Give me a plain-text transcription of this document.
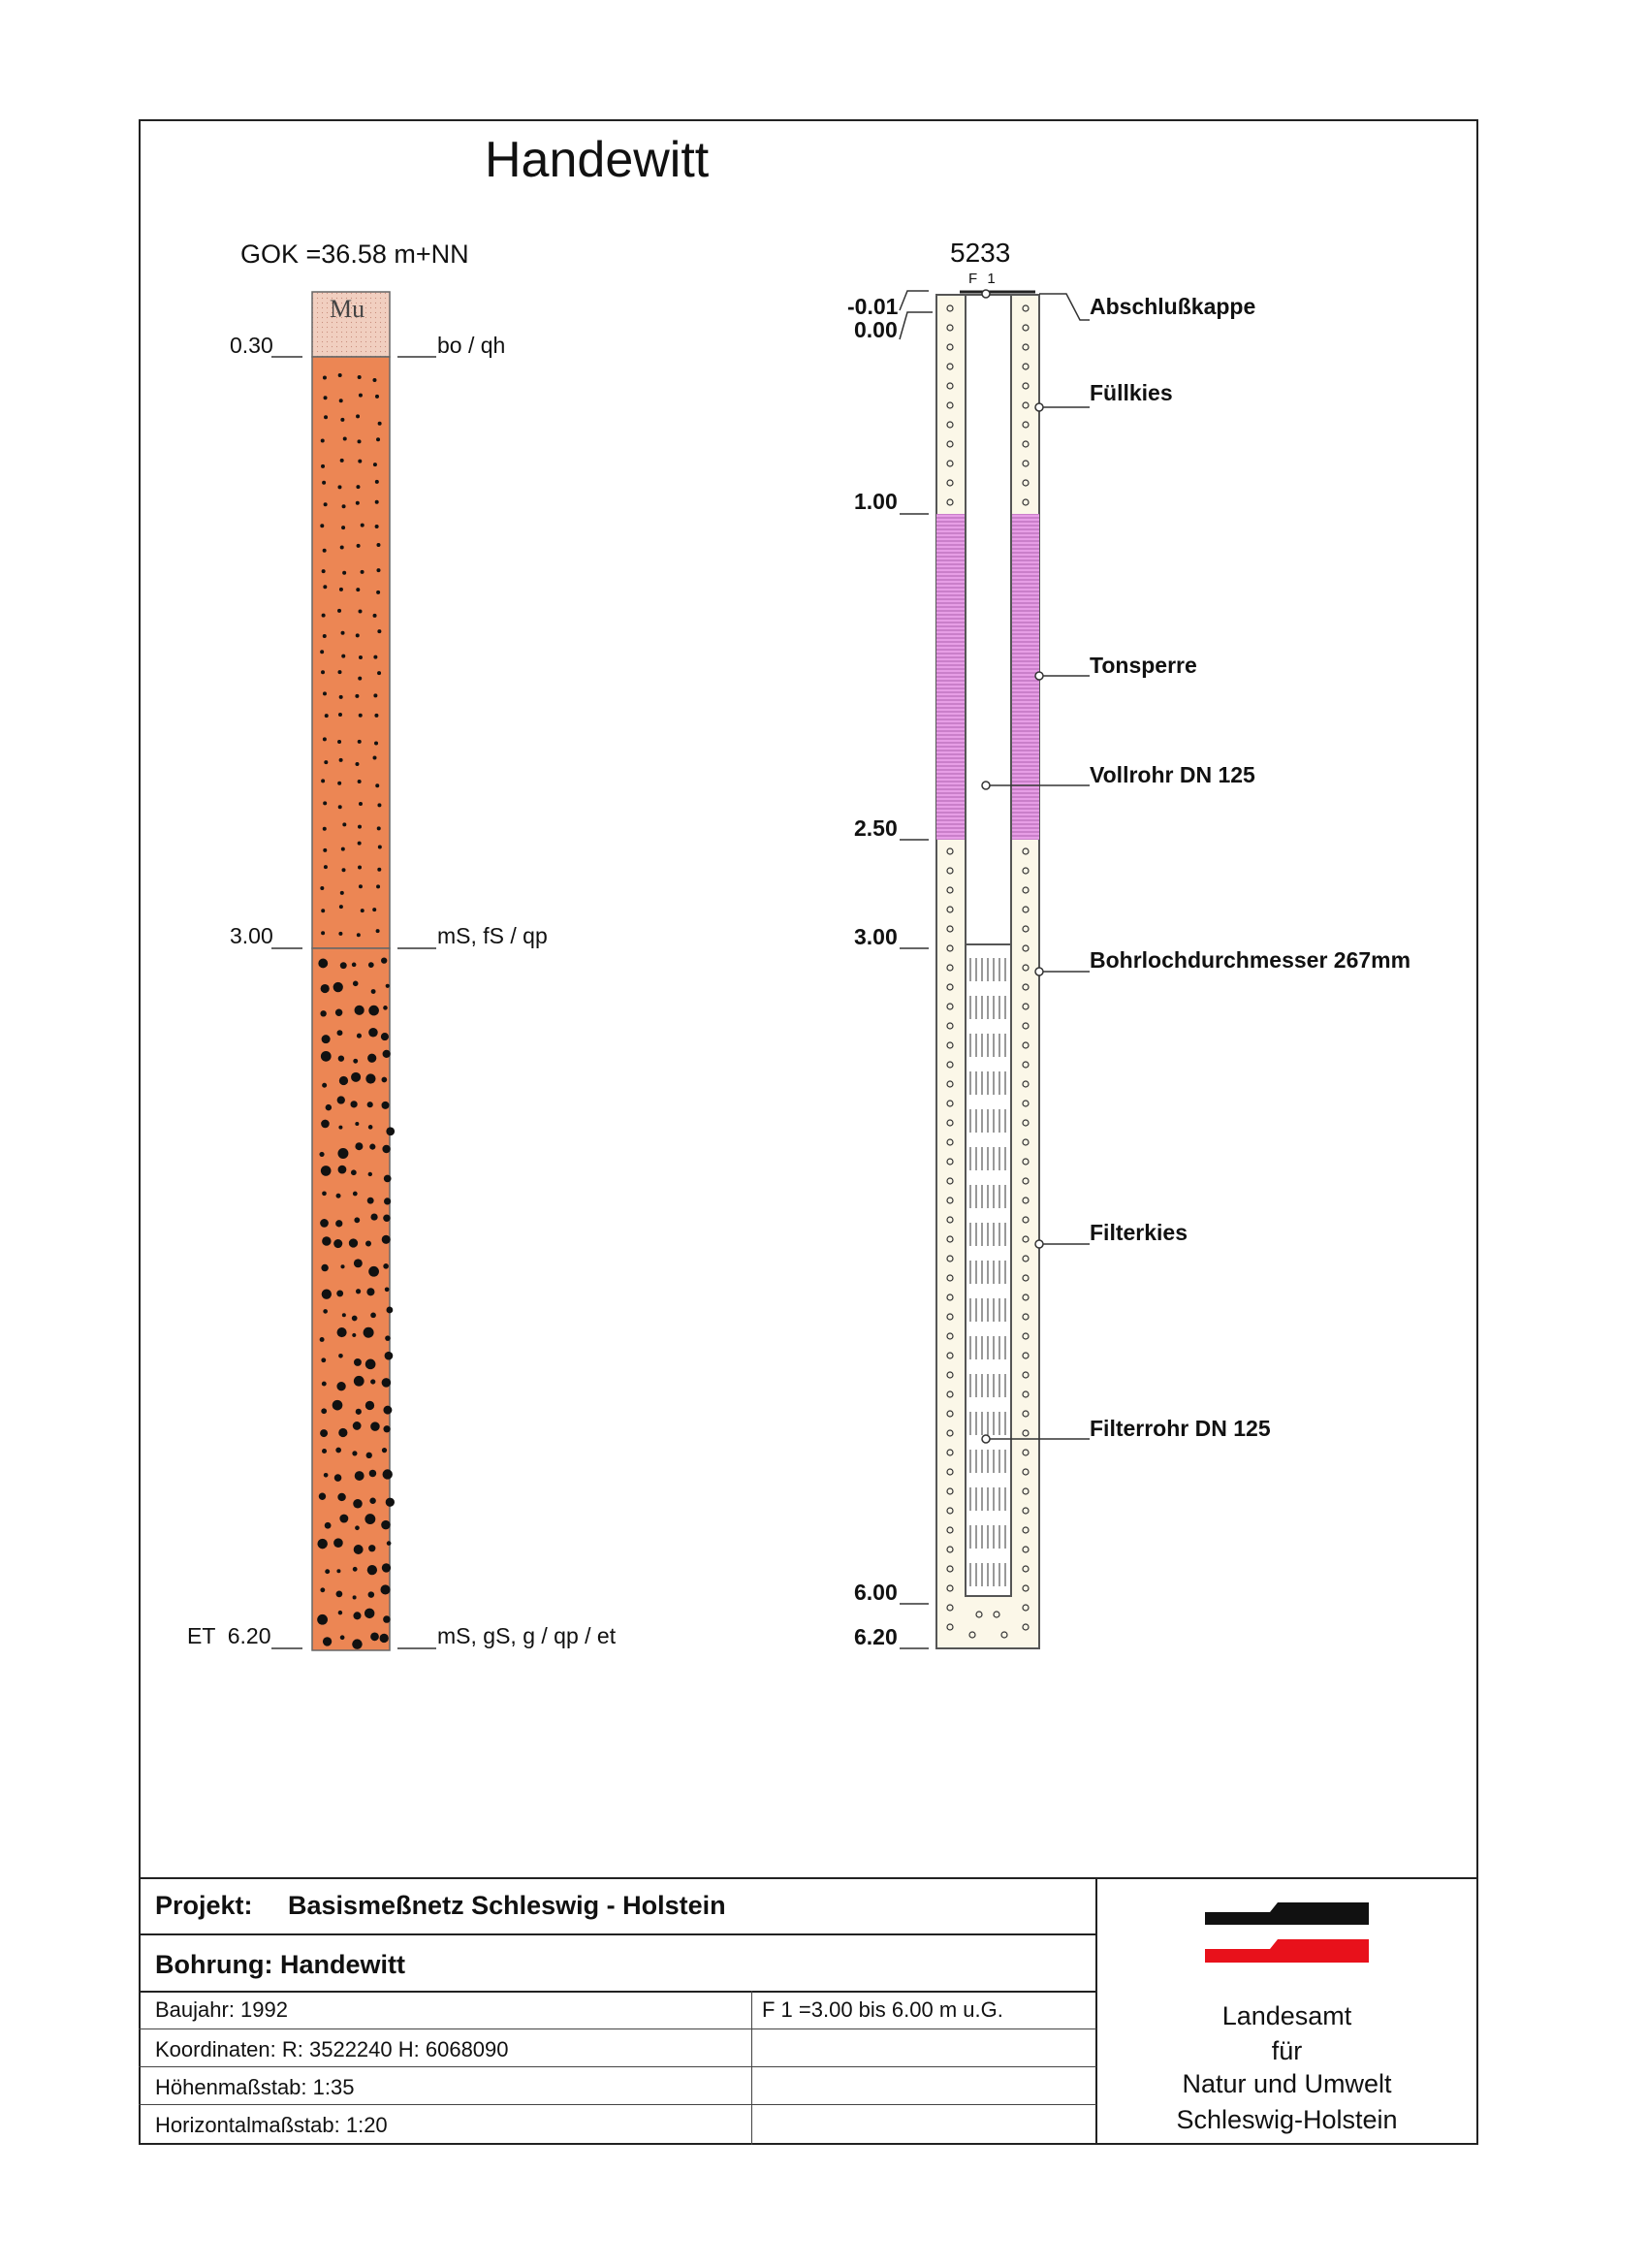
Handewitt
GOK =36.58 m+NN	5233
F 1
Mu
0.30	bo / qh
3.00	mS, fS / qp
ET  6.20	mS, gS, g / qp / et
-0.01
0.00
1.00
2.50
3.00
6.00
6.20
Abschlußkappe
Füllkies
Tonsperre
Vollrohr DN 125
Bohrlochdurchmesser 267mm
Filterkies
Filterrohr DN 125
Projekt: Basismeßnetz Schleswig - Holstein
Bohrung: Handewitt
Baujahr: 1992	F 1 =3.00 bis 6.00 m u.G.
Koordinaten: R: 3522240 H: 6068090
Höhenmaßstab: 1:35
Horizontalmaßstab: 1:20
Landesamt
für
Natur und Umwelt
Schleswig-Holstein
